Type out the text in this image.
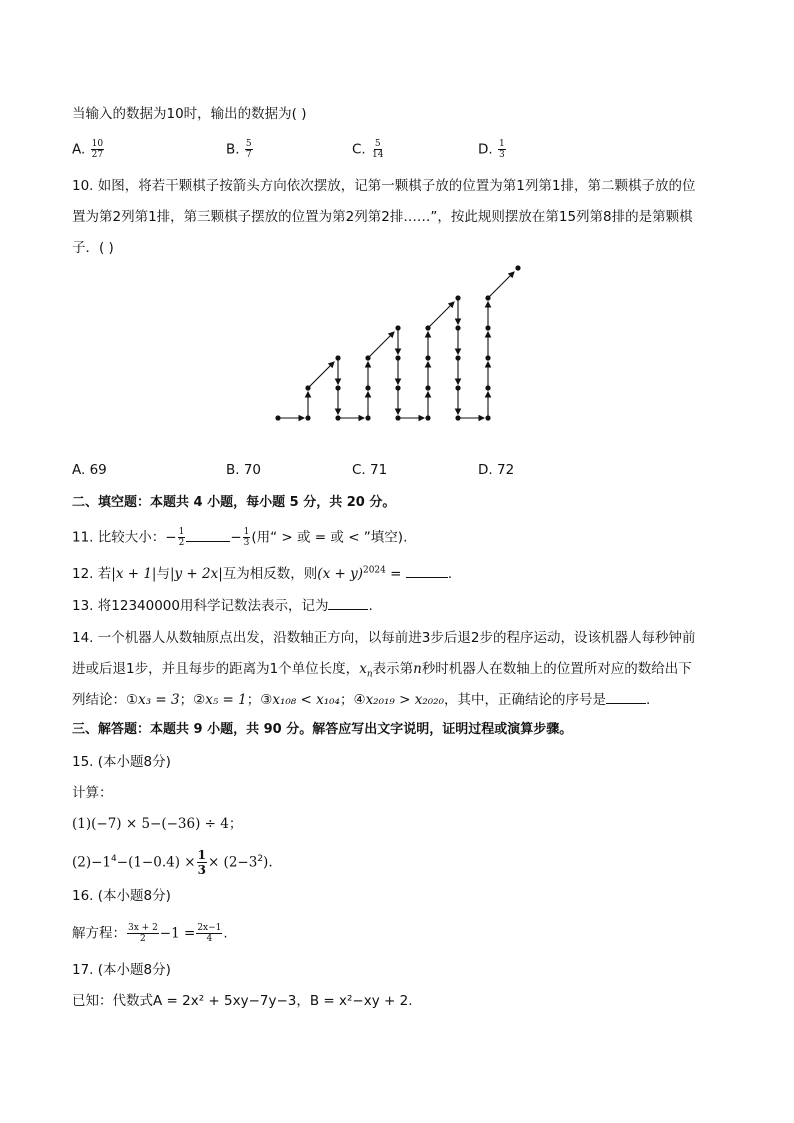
当输入的数据为10时，输出的数据为( )
A. $\frac{10}{27}$	B. $\frac{5}{7}$	C. $\frac{5}{14}$	D. $\frac{1}{3}$
10. 如图，将若干颗棋子按箭头方向依次摆放，记第一颗棋子放的位置为第1列第1排，第二颗棋子放的位
置为第2列第1排，第三颗棋子摆放的位置为第2列第2排……”，按此规则摆放在第15列第8排的是第颗棋
子．( )
A. 69	B. 70	C. 71	D. 72
二、填空题：本题共 4 小题，每小题 5 分，共 20 分。
11. 比较大小：− $\frac{1}{2}$	− $\frac{1}{3}$ (用“ > 或 = 或 < ”填空).
12. 若|x + 1|与|y + 2x|互为相反数，则$(x + y)^{2024}$ =	.
13. 将12340000用科学记数法表示，记为	.
14. 一个机器人从数轴原点出发，沿数轴正方向，以每前进3步后退2步的程序运动，设该机器人每秒钟前
进或后退1步，并且每步的距离为1个单位长度，$x_n$表示第n秒时机器人在数轴上的位置所对应的数给出下
列结论：①x₃ = 3；②x₅ = 1；③x₁₀₈ < x₁₀₄；④x₂₀₁₉ > x₂₀₂₀，其中，正确结论的序号是	.
三、解答题：本题共 9 小题，共 90 分。解答应写出文字说明，证明过程或演算步骤。
15. (本小题8分)
计算：
(1)(−7) × 5−(−36) ÷ 4；
$(2)-1^4-(1-0.4) \times \frac{1}{3} \times (2-3^2)$.
16. (本小题8分)
解方程： $\frac{3x + 2}{2} -1 = \frac{2x-1}{4}$ .
17. (本小题8分)
已知：代数式A = 2x² + 5xy−7y−3，B = x²−xy + 2.
